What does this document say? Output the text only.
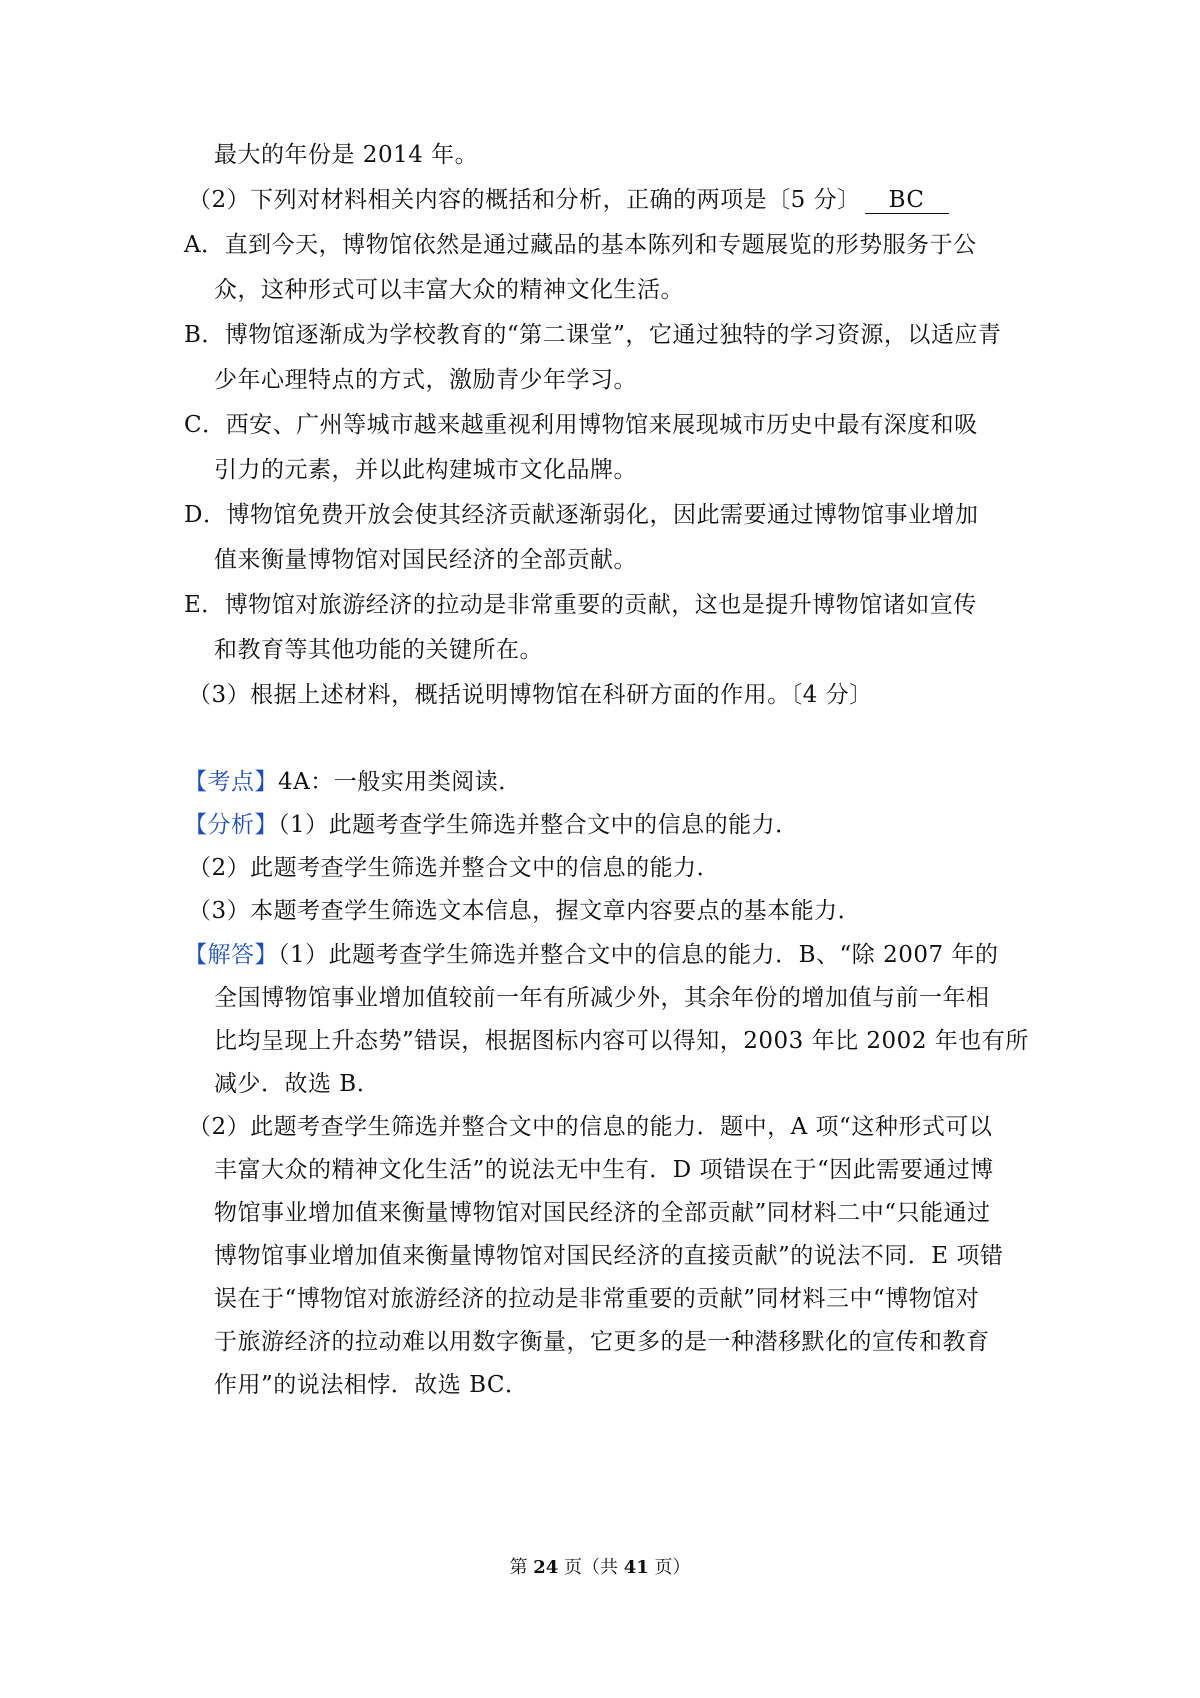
最大的年份是 2014 年。
（2）下列对材料相关内容的概括和分析，正确的两项是〔5 分〕 BC
A．直到今天，博物馆依然是通过藏品的基本陈列和专题展览的形势服务于公
众，这种形式可以丰富大众的精神文化生活。
B．博物馆逐渐成为学校教育的“第二课堂”，它通过独特的学习资源，以适应青
少年心理特点的方式，激励青少年学习。
C．西安、广州等城市越来越重视利用博物馆来展现城市历史中最有深度和吸
引力的元素，并以此构建城市文化品牌。
D．博物馆免费开放会使其经济贡献逐渐弱化，因此需要通过博物馆事业增加
值来衡量博物馆对国民经济的全部贡献。
E．博物馆对旅游经济的拉动是非常重要的贡献，这也是提升博物馆诸如宣传
和教育等其他功能的关键所在。
（3）根据上述材料，概括说明博物馆在科研方面的作用。〔4 分〕
【考点】4A：一般实用类阅读．
【分析】（1）此题考查学生筛选并整合文中的信息的能力．
（2）此题考查学生筛选并整合文中的信息的能力．
（3）本题考查学生筛选文本信息，握文章内容要点的基本能力．
【解答】（1）此题考查学生筛选并整合文中的信息的能力．B、“除 2007 年的
全国博物馆事业增加值较前一年有所减少外，其余年份的增加值与前一年相
比均呈现上升态势”错误，根据图标内容可以得知，2003 年比 2002 年也有所
减少．故选 B．
（2）此题考查学生筛选并整合文中的信息的能力．题中，A 项“这种形式可以
丰富大众的精神文化生活”的说法无中生有．D 项错误在于“因此需要通过博
物馆事业增加值来衡量博物馆对国民经济的全部贡献”同材料二中“只能通过
博物馆事业增加值来衡量博物馆对国民经济的直接贡献”的说法不同．E 项错
误在于“博物馆对旅游经济的拉动是非常重要的贡献”同材料三中“博物馆对
于旅游经济的拉动难以用数字衡量，它更多的是一种潜移默化的宣传和教育
作用”的说法相悖．故选 BC．
第 24 页（共 41 页）
